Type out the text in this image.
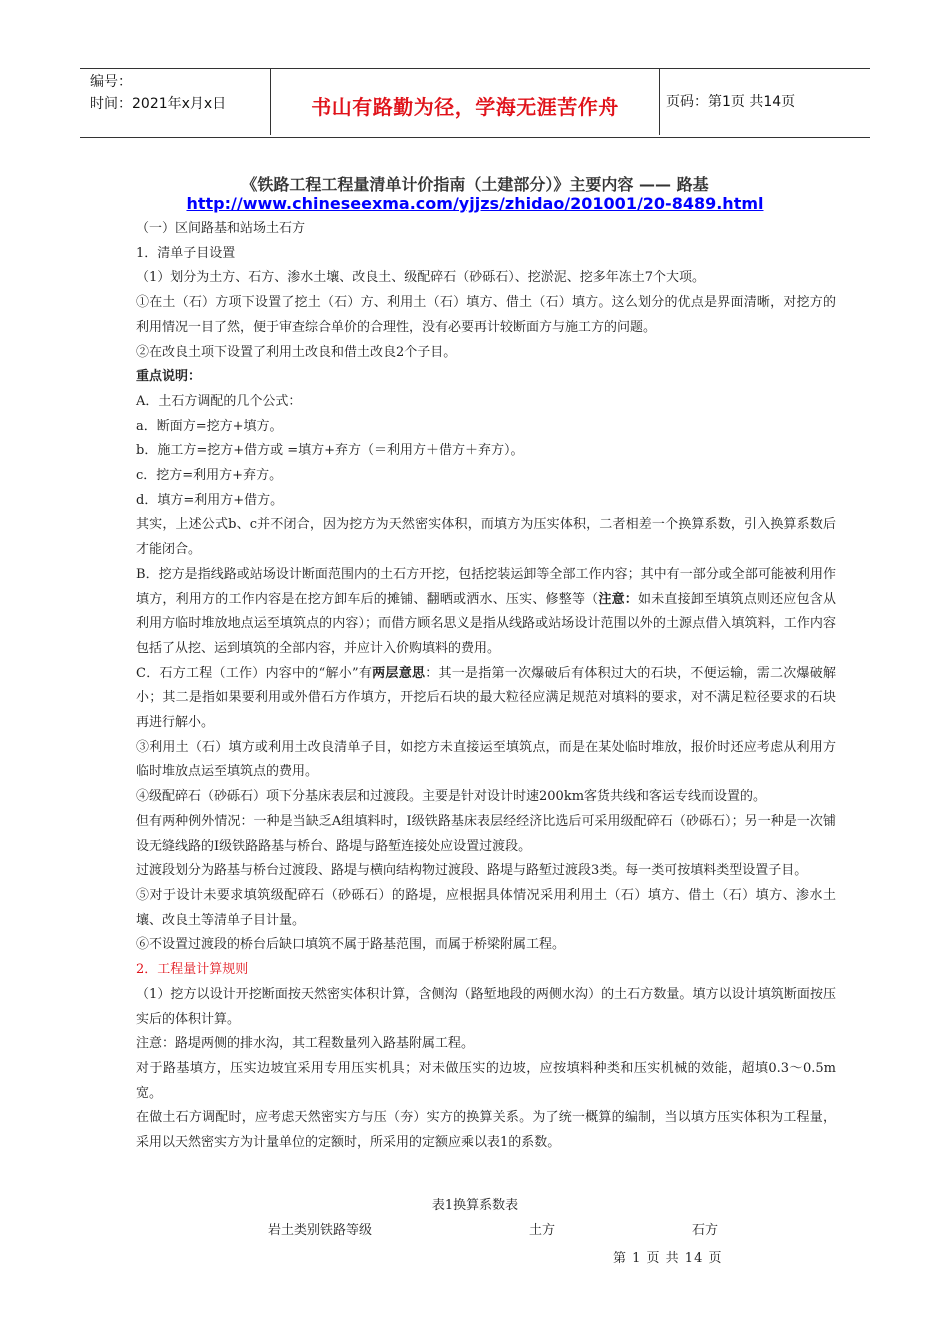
编号：
时间：2021年x月x日	书山有路勤为径，学海无涯苦作舟	页码：第1页 共14页
《铁路工程工程量清单计价指南（土建部分）》主要内容 —— 路基
http://www.chineseexma.com/yjjzs/zhidao/201001/20-8489.html

（一）区间路基和站场土石方

1．清单子目设置

（1）划分为土方、石方、渗水土壤、改良土、级配碎石（砂砾石）、挖淤泥、挖多年冻土7个大项。

①在土（石）方项下设置了挖土（石）方、利用土（石）填方、借土（石）填方。这么划分的优点是界面清晰，对挖方的利用情况一目了然，便于审查综合单价的合理性，没有必要再计较断面方与施工方的问题。

②在改良土项下设置了利用土改良和借土改良2个子目。

重点说明：

A．土石方调配的几个公式：

a．断面方=挖方+填方。

b．施工方=挖方+借方或 =填方+弃方（＝利用方＋借方＋弃方）。

c．挖方=利用方+弃方。

d．填方=利用方+借方。

其实，上述公式b、c并不闭合，因为挖方为天然密实体积，而填方为压实体积，二者相差一个换算系数，引入换算系数后才能闭合。

B．挖方是指线路或站场设计断面范围内的土石方开挖，包括挖装运卸等全部工作内容；其中有一部分或全部可能被利用作填方，利用方的工作内容是在挖方卸车后的摊铺、翻晒或洒水、压实、修整等（注意：如未直接卸至填筑点则还应包含从利用方临时堆放地点运至填筑点的内容）；而借方顾名思义是指从线路或站场设计范围以外的土源点借入填筑料，工作内容包括了从挖、运到填筑的全部内容，并应计入价购填料的费用。

C．石方工程（工作）内容中的“解小”有两层意思：其一是指第一次爆破后有体积过大的石块，不便运输，需二次爆破解小；其二是指如果要利用或外借石方作填方，开挖后石块的最大粒径应满足规范对填料的要求，对不满足粒径要求的石块再进行解小。

③利用土（石）填方或利用土改良清单子目，如挖方未直接运至填筑点，而是在某处临时堆放，报价时还应考虑从利用方临时堆放点运至填筑点的费用。

④级配碎石（砂砾石）项下分基床表层和过渡段。主要是针对设计时速200km客货共线和客运专线而设置的。

但有两种例外情况：一种是当缺乏A组填料时，Ⅰ级铁路基床表层经经济比选后可采用级配碎石（砂砾石）；另一种是一次铺设无缝线路的Ⅰ级铁路路基与桥台、路堤与路堑连接处应设置过渡段。

过渡段划分为路基与桥台过渡段、路堤与横向结构物过渡段、路堤与路堑过渡段3类。每一类可按填料类型设置子目。

⑤对于设计未要求填筑级配碎石（砂砾石）的路堤，应根据具体情况采用利用土（石）填方、借土（石）填方、渗水土壤、改良土等清单子目计量。

⑥不设置过渡段的桥台后缺口填筑不属于路基范围，而属于桥梁附属工程。

2．工程量计算规则

（1）挖方以设计开挖断面按天然密实体积计算，含侧沟（路堑地段的两侧水沟）的土石方数量。填方以设计填筑断面按压实后的体积计算。

注意：路堤两侧的排水沟，其工程数量列入路基附属工程。

对于路基填方，压实边坡宜采用专用压实机具；对未做压实的边坡，应按填料种类和压实机械的效能，超填0.3～0.5m宽。

在做土石方调配时，应考虑天然密实方与压（夯）实方的换算关系。为了统一概算的编制，当以填方压实体积为工程量，采用以天然密实方为计量单位的定额时，所采用的定额应乘以表1的系数。

表1换算系数表
岩土类别铁路等级	土方	石方
第 1 页 共 14 页
